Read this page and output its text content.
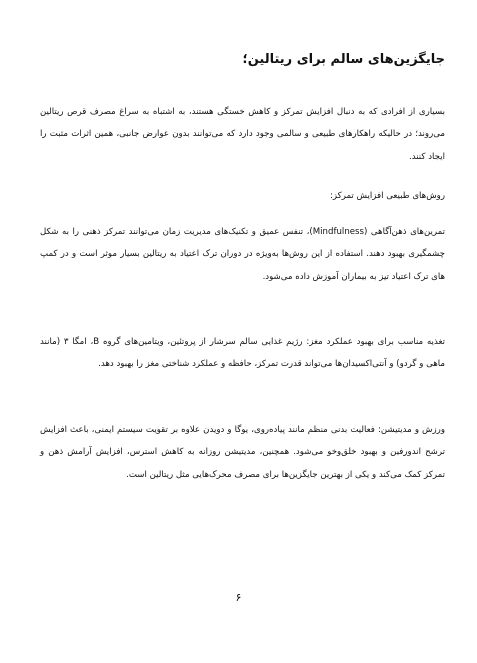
جایگزین‌های سالم برای ریتالین؛

بسیاری از افرادی که به دنبال افزایش تمرکز و کاهش خستگی هستند، به اشتباه به سراغ مصرف قرص ریتالین می‌روند؛ در حالیکه راهکارهای طبیعی و سالمی وجود دارد که می‌توانند بدون عوارض جانبی، همین اثرات مثبت را ایجاد کنند.

روش‌های طبیعی افزایش تمرکز:

تمرین‌های ذهن‌آگاهی (Mindfulness)، تنفس عمیق و تکنیک‌های مدیریت زمان می‌توانند تمرکز ذهنی را به شکل چشمگیری بهبود دهند. استفاده از این روش‌ها به‌ویژه در دوران ترک اعتیاد به ریتالین بسیار موثر است و در کمپ های ترک اعتیاد تیز به بیماران آموزش داده می‌شود.

تغذیه مناسب برای بهبود عملکرد مغز: رژیم غذایی سالم سرشار از پروتئین، ویتامین‌های گروه B، امگا ۳ (مانند ماهی و گردو) و آنتی‌اکسیدان‌ها می‌تواند قدرت تمرکز، حافظه و عملکرد شناختی مغز را بهبود دهد.

ورزش و مدیتیشن: فعالیت بدنی منظم مانند پیاده‌روی، یوگا و دویدن علاوه بر تقویت سیستم ایمنی، باعث افزایش ترشح اندورفین و بهبود خلق‌وخو می‌شود. همچنین، مدیتیشن روزانه به کاهش استرس، افزایش آرامش ذهن و تمرکز کمک می‌کند و یکی از بهترین جایگزین‌ها برای مصرف محرک‌هایی مثل ریتالین است.

۶
